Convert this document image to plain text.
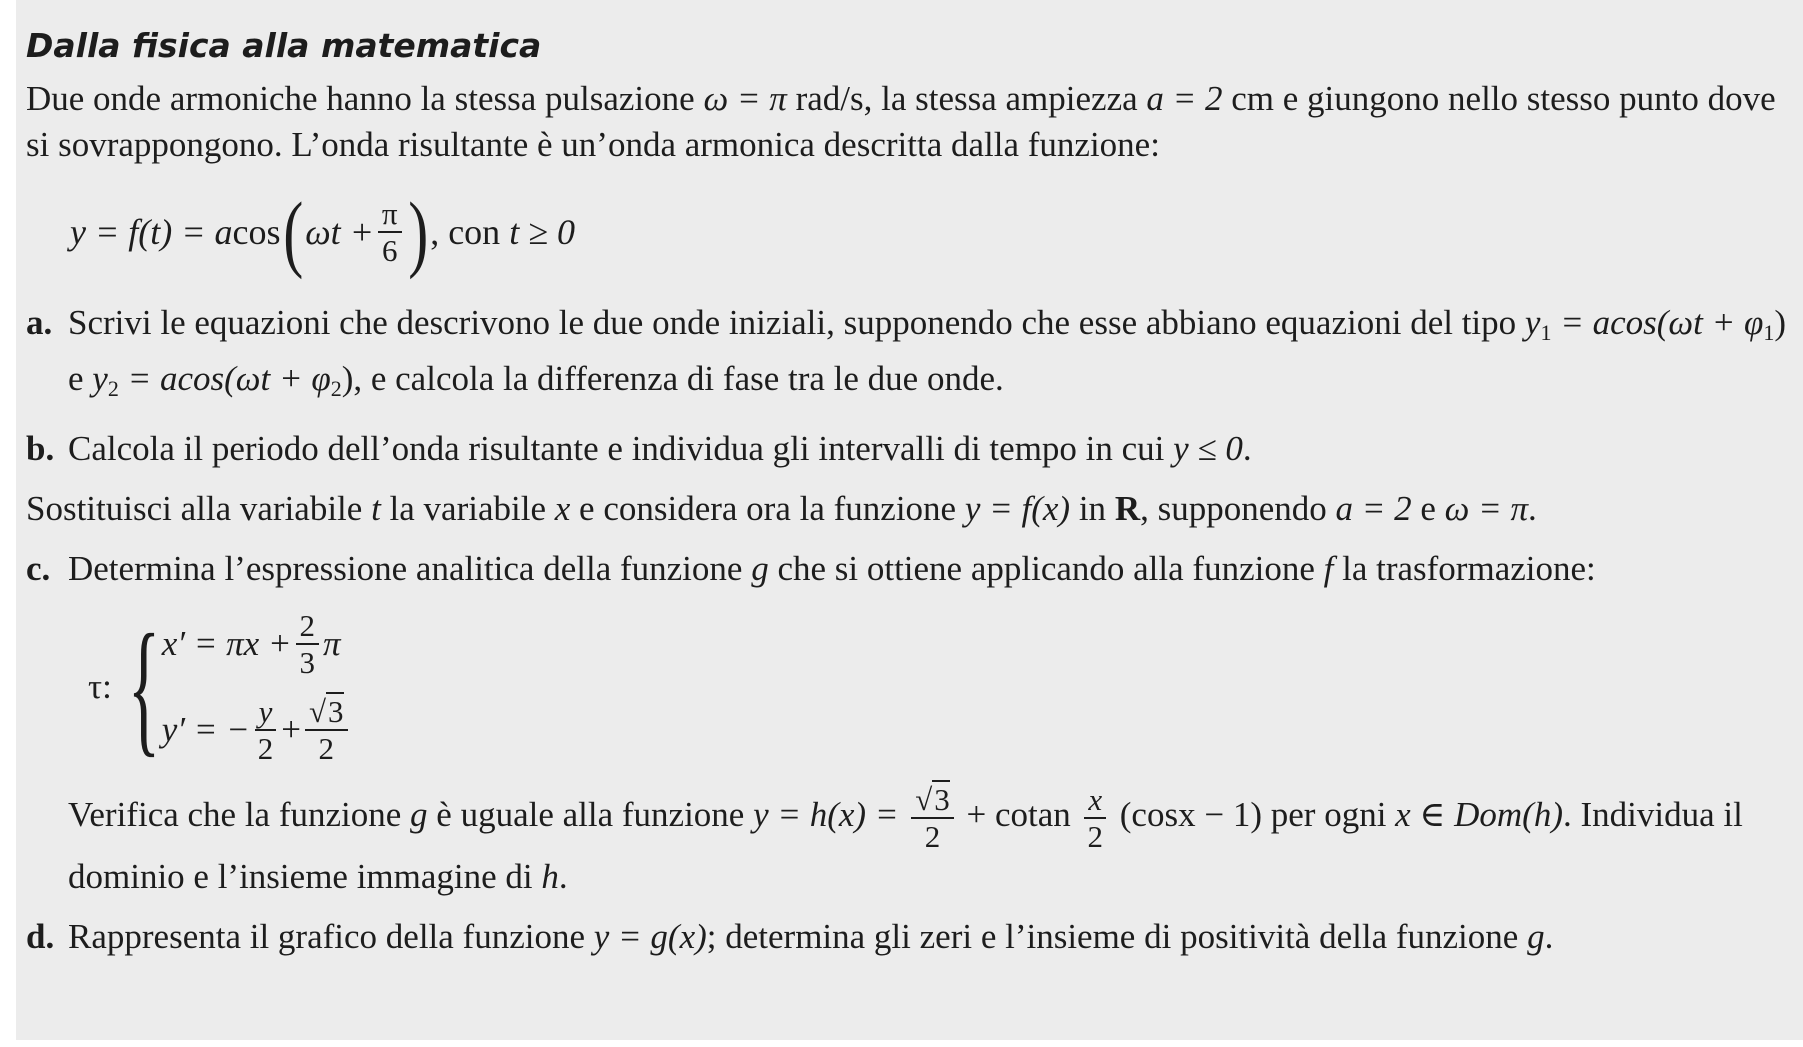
Dalla fisica alla matematica

Due onde armoniche hanno la stessa pulsazione ω = π rad/s, la stessa ampiezza a = 2 cm e giungono nello stesso punto dove si sovrappongono. L’onda risultante è un’onda armonica descritta dalla funzione:

y = f(t) = a cos ( $\omega t + \frac{\pi}{6}$ ) , con
t ≥ 0
a. Scrivi le equazioni che descrivono le due onde iniziali, supponendo che esse abbiano equazioni del tipo $y_1 = acos(\omega t + \varphi_1)$
e $y_2 = acos(\omega t + \varphi_2)$, e calcola la differenza di fase tra le due onde.
b. Calcola il periodo dell’onda risultante e individua gli intervalli di tempo in cui y ≤ 0.

Sostituisci alla variabile t la variabile x e considera ora la funzione y = f(x) in R, supponendo a = 2 e ω = π.

c. Determina l’espressione analitica della funzione g che si ottiene applicando alla funzione f la trasformazione:
τ: { $x' = \pi x + \frac{2}{3}$ π
y′ = − $\frac{y}{2} + \frac{√3}{2}$
Verifica che la funzione g è uguale alla funzione $y = h(x) = \frac{√3}{2} + cotan \frac{x}{2} (\cos x - 1)$ per ogni x ∈ Dom(h). Individua il dominio e l’insieme immagine di h.
d. Rappresenta il grafico della funzione y = g(x); determina gli zeri e l’insieme di positività della funzione g.
